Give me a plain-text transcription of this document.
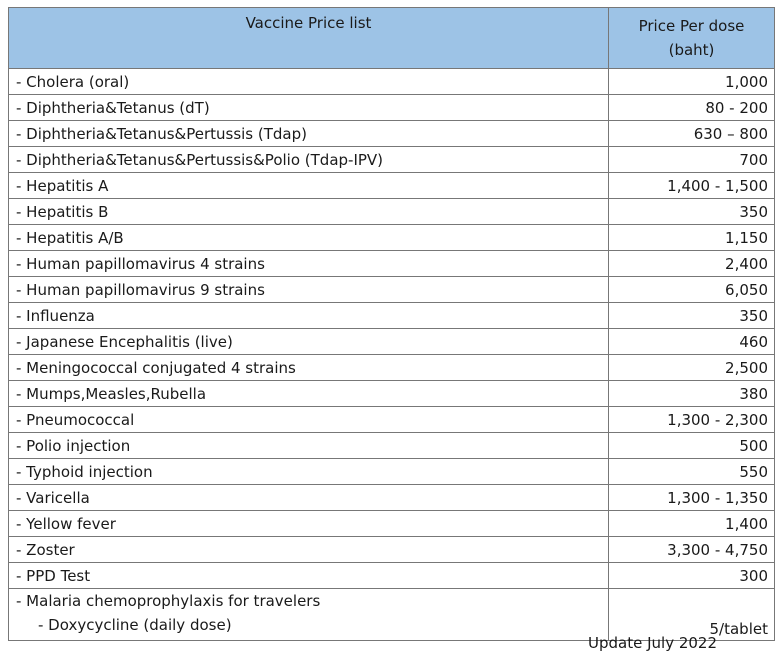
Vaccine Price list	Price Per dose
(baht)

- Cholera (oral)	1,000
- Diphtheria&Tetanus (dT)	80 - 200
- Diphtheria&Tetanus&Pertussis (Tdap)	630 – 800
- Diphtheria&Tetanus&Pertussis&Polio (Tdap-IPV)	700
- Hepatitis A	1,400 - 1,500
- Hepatitis B	350
- Hepatitis A/B	1,150
- Human papillomavirus 4 strains	2,400
- Human papillomavirus 9 strains	6,050
- Influenza	350
- Japanese Encephalitis (live)	460
- Meningococcal conjugated 4 strains	2,500
- Mumps,Measles,Rubella	380
- Pneumococcal	1,300 - 2,300
- Polio injection	500
- Typhoid injection	550
- Varicella	1,300 - 1,350
- Yellow fever	1,400
- Zoster	3,300 - 4,750
- PPD Test	300

- Malaria chemoprophylaxis for travelers
- Doxycycline (daily dose)	5/tablet
Update July 2022
